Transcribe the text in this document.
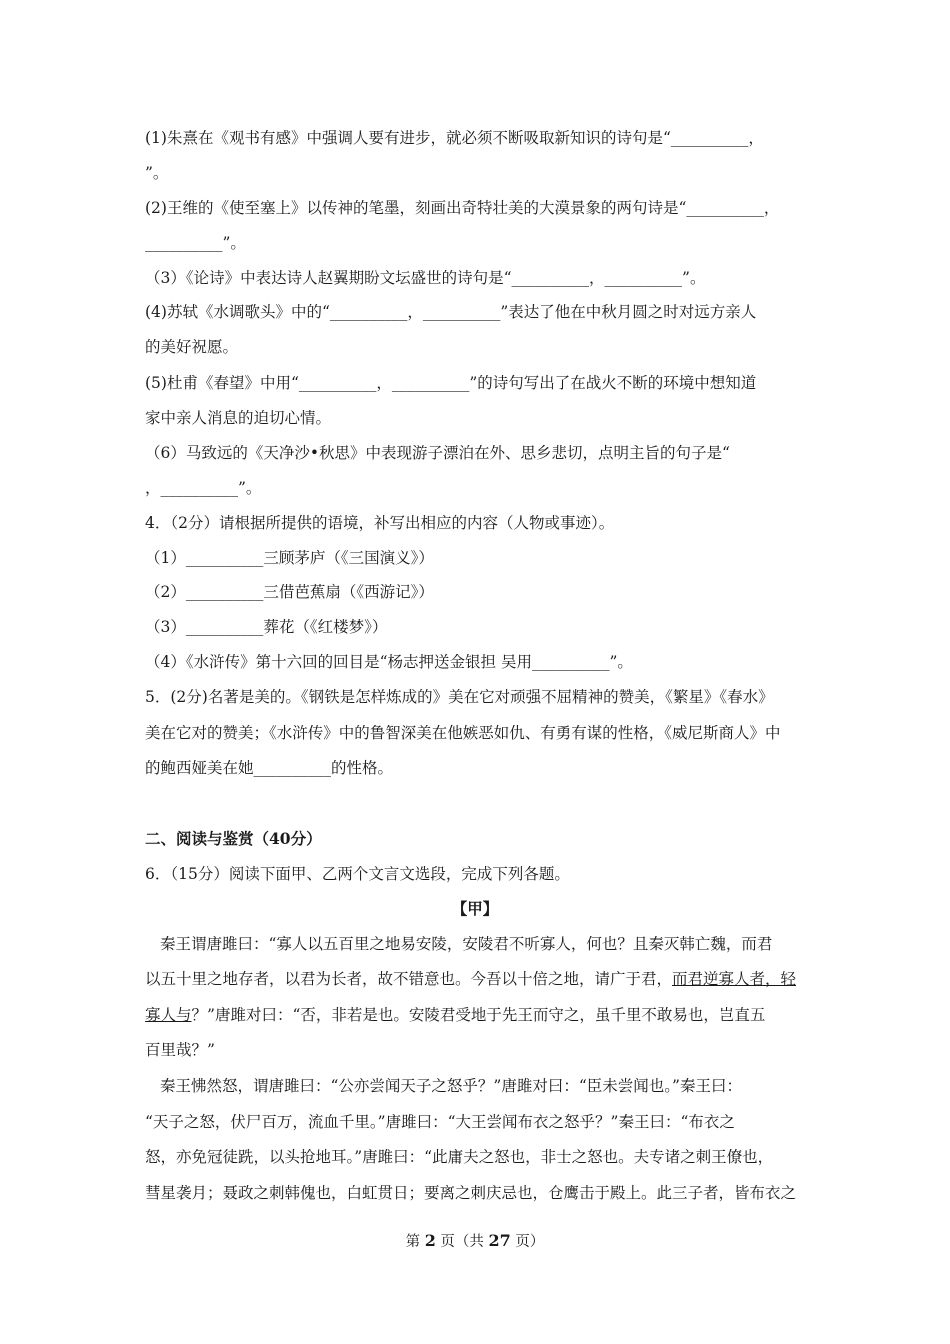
(1)朱熹在《观书有感》中强调人要有进步，就必须不断吸取新知识的诗句是“__________，
”。
(2)王维的《使至塞上》以传神的笔墨，刻画出奇特壮美的大漠景象的两句诗是“__________，
__________”。
（3）《论诗》中表达诗人赵翼期盼文坛盛世的诗句是“__________，__________”。
(4)苏轼《水调歌头》中的“__________，__________”表达了他在中秋月圆之时对远方亲人
的美好祝愿。
(5)杜甫《春望》中用“__________，__________”的诗句写出了在战火不断的环境中想知道
家中亲人消息的迫切心情。
（6）马致远的《天净沙•秋思》中表现游子漂泊在外、思乡悲切，点明主旨的句子是“
，__________”。
4．（2分）请根据所提供的语境，补写出相应的内容（人物或事迹）。
（1）__________三顾茅庐（《三国演义》）
（2）__________三借芭蕉扇（《西游记》）
（3）__________葬花（《红楼梦》）
（4）《水浒传》第十六回的回目是“杨志押送金银担 吴用__________”。
5．(2分)名著是美的。《钢铁是怎样炼成的》美在它对顽强不屈精神的赞美，《繁星》《春水》
美在它对的赞美；《水浒传》中的鲁智深美在他嫉恶如仇、有勇有谋的性格，《威尼斯商人》中
的鲍西娅美在她__________的性格。
二、阅读与鉴赏（40分）
6．（15分）阅读下面甲、乙两个文言文选段，完成下列各题。
【甲】
秦王谓唐雎曰：“寡人以五百里之地易安陵，安陵君不听寡人，何也？且秦灭韩亡魏，而君
以五十里之地存者，以君为长者，故不错意也。今吾以十倍之地，请广于君，而君逆寡人者，轻
寡人与？”唐雎对曰：“否，非若是也。安陵君受地于先王而守之，虽千里不敢易也，岂直五
百里哉？”
秦王怫然怒，谓唐雎曰：“公亦尝闻天子之怒乎？”唐雎对曰：“臣未尝闻也。”秦王曰：
“天子之怒，伏尸百万，流血千里。”唐雎曰：“大王尝闻布衣之怒乎？”秦王曰：“布衣之
怒，亦免冠徒跣，以头抢地耳。”唐雎曰：“此庸夫之怒也，非士之怒也。夫专诸之刺王僚也，
彗星袭月；聂政之刺韩傀也，白虹贯日；要离之刺庆忌也，仓鹰击于殿上。此三子者，皆布衣之
第 2 页（共 27 页）
